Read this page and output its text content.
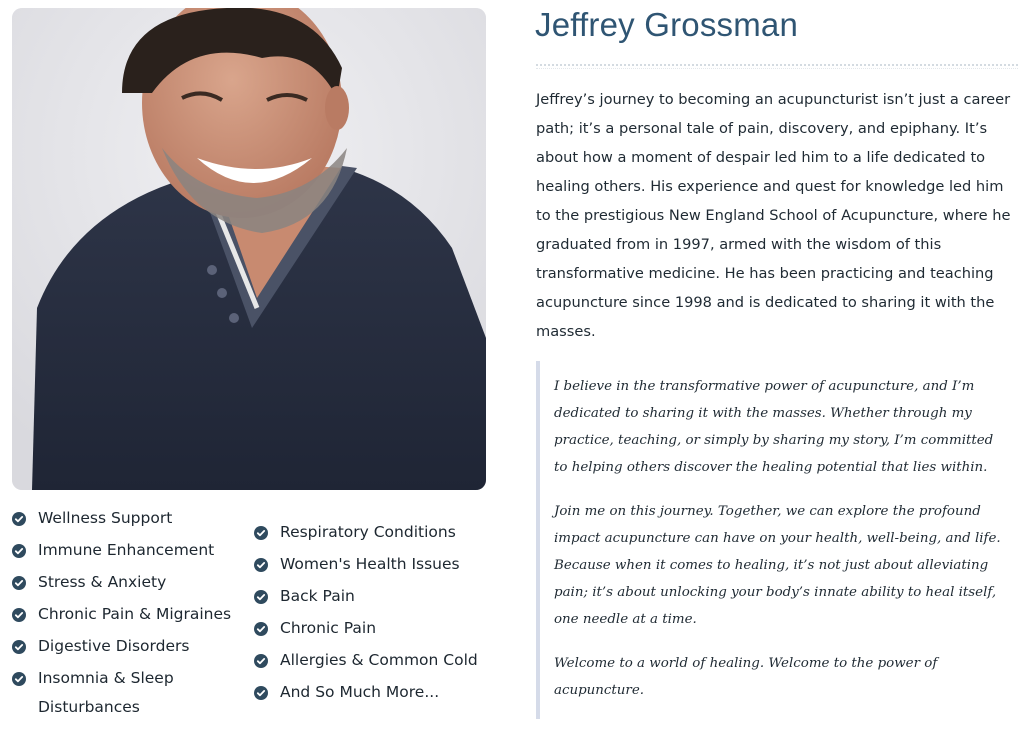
Wellness Support
Immune Enhancement
Stress & Anxiety
Chronic Pain & Migraines
Digestive Disorders
Insomnia & Sleep Disturbances
Respiratory Conditions
Women's Health Issues
Back Pain
Chronic Pain
Allergies & Common Cold
And So Much More...
Jeffrey Grossman

Jeffrey’s journey to becoming an acupuncturist isn’t just a career path; it’s a personal tale of pain, discovery, and epiphany. It’s about how a moment of despair led him to a life dedicated to healing others. His experience and quest for knowledge led him to the prestigious New England School of Acupuncture, where he graduated from in 1997, armed with the wisdom of this transformative medicine. He has been practicing and teaching acupuncture since 1998 and is dedicated to sharing it with the masses.

I believe in the transformative power of acupuncture, and I’m dedicated to sharing it with the masses. Whether through my practice, teaching, or simply by sharing my story, I’m committed to helping others discover the healing potential that lies within.

Join me on this journey. Together, we can explore the profound impact acupuncture can have on your health, well-being, and life. Because when it comes to healing, it’s not just about alleviating pain; it’s about unlocking your body’s innate ability to heal itself, one needle at a time.

Welcome to a world of healing. Welcome to the power of acupuncture.
